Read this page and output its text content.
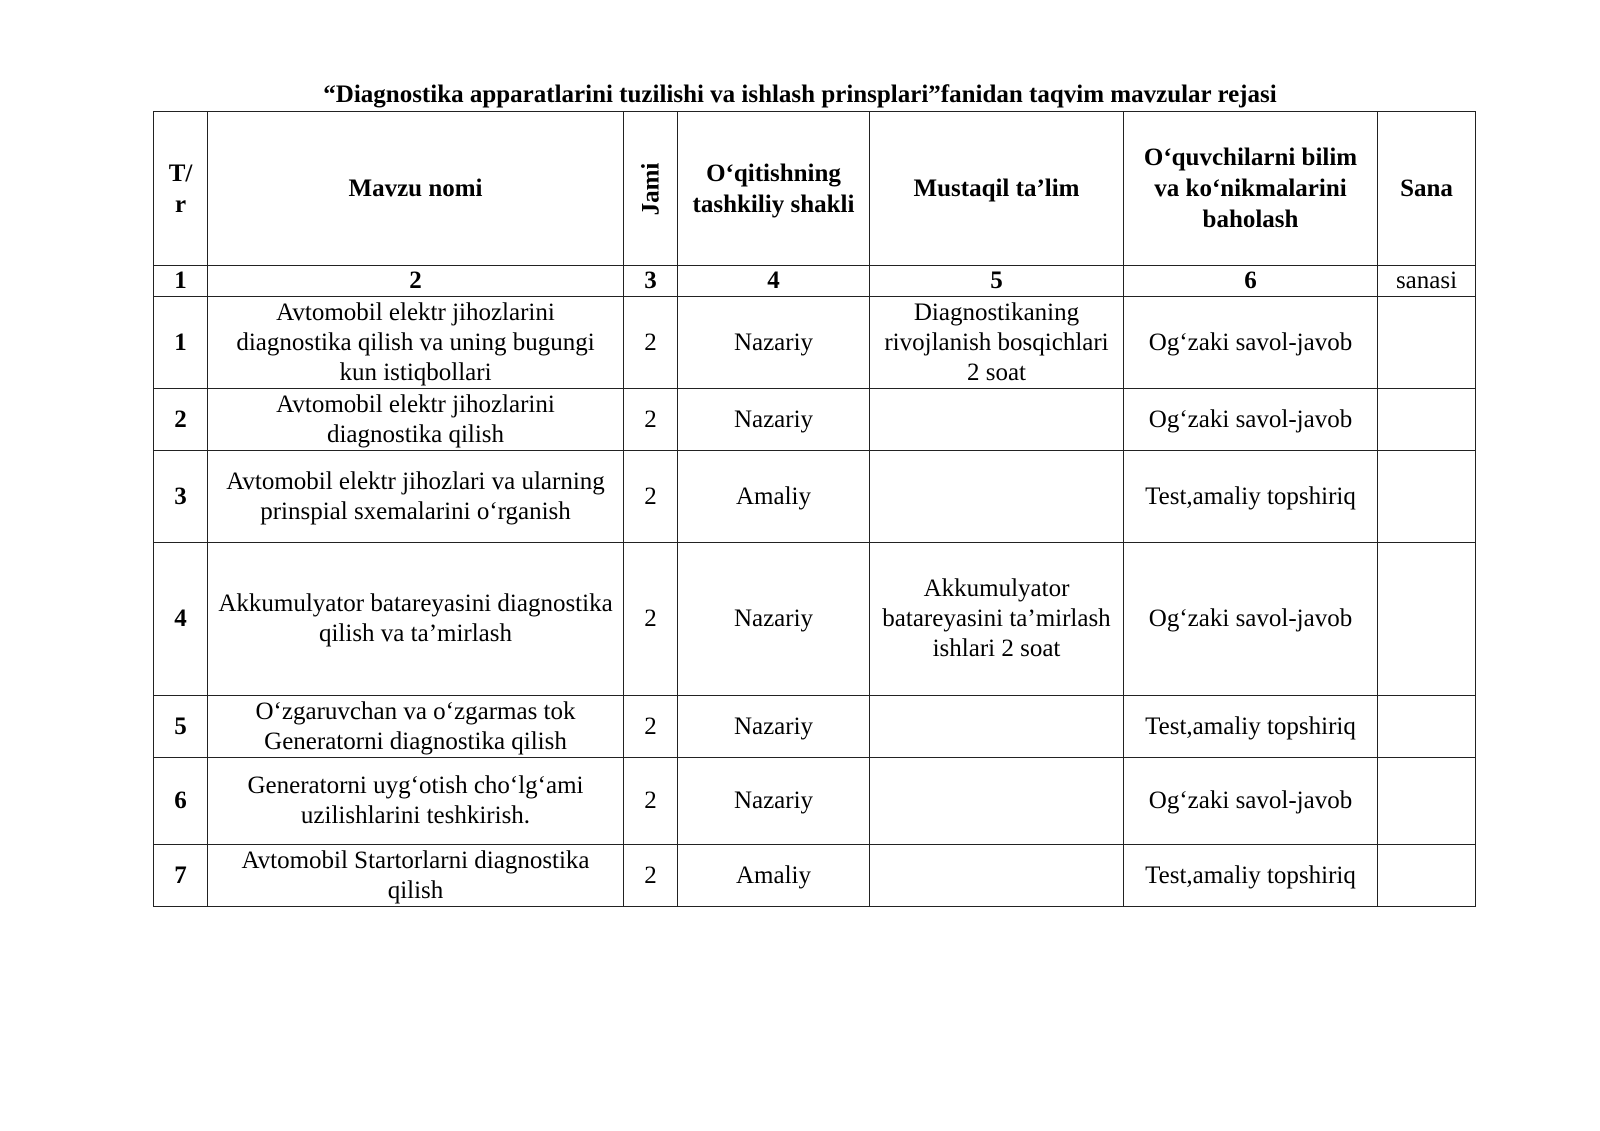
“Diagnostika apparatlarini tuzilishi va ishlash prinsplari”fanidan taqvim mavzular rejasi
T/ r	Mavzu nomi	Jami	O‘qitishning tashkiliy shakli	Mustaqil ta’lim	O‘quvchilarni bilim va ko‘nikmalarini baholash	Sana
1	2	3	4	5	6	sanasi
1	Avtomobil elektr jihozlarini diagnostika qilish va uning bugungi kun istiqbollari	2	Nazariy	Diagnostikaning rivojlanish bosqichlari 2 soat	Og‘zaki savol-javob	
2	Avtomobil elektr jihozlarini diagnostika qilish	2	Nazariy		Og‘zaki savol-javob	
3	Avtomobil elektr jihozlari va ularning prinspial sxemalarini o‘rganish	2	Amaliy		Test,amaliy topshiriq	
4	Akkumulyator batareyasini diagnostika qilish va ta’mirlash	2	Nazariy	Akkumulyator batareyasini ta’mirlash ishlari 2 soat	Og‘zaki savol-javob	
5	O‘zgaruvchan va o‘zgarmas tok Generatorni diagnostika qilish	2	Nazariy		Test,amaliy topshiriq	
6	Generatorni uyg‘otish cho‘lg‘ami uzilishlarini teshkirish.	2	Nazariy		Og‘zaki savol-javob	
7	Avtomobil Startorlarni diagnostika qilish	2	Amaliy		Test,amaliy topshiriq	
